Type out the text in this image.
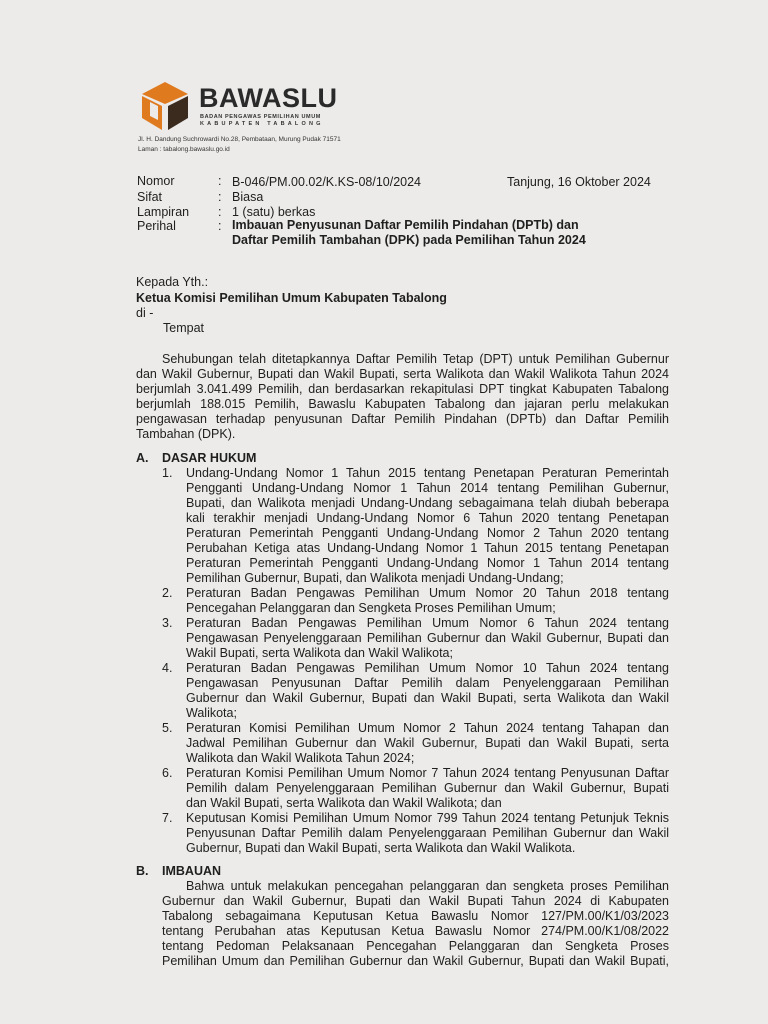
BAWASLU
BADAN PENGAWAS PEMILIHAN UMUM
KABUPATEN TABALONG
Jl. H. Dandung Suchrowardi No.28, Pembataan, Murung Pudak 71571
Laman : tabalong.bawaslu.go.id
Nomor	: B-046/PM.00.02/K.KS-08/10/2024	Tanjung, 16 Oktober 2024
Sifat	: Biasa
Lampiran : 1 (satu) berkas
Perihal	: Imbauan Penyusunan Daftar Pemilih Pindahan (DPTb) dan
Daftar Pemilih Tambahan (DPK) pada Pemilihan Tahun 2024
Kepada Yth.:
Ketua Komisi Pemilihan Umum Kabupaten Tabalong
di -
Tempat
Sehubungan telah ditetapkannya Daftar Pemilih Tetap (DPT) untuk Pemilihan Gubernur
dan Wakil Gubernur, Bupati dan Wakil Bupati, serta Walikota dan Wakil Walikota Tahun 2024
berjumlah 3.041.499 Pemilih, dan berdasarkan rekapitulasi DPT tingkat Kabupaten Tabalong
berjumlah 188.015 Pemilih, Bawaslu Kabupaten Tabalong dan jajaran perlu melakukan
pengawasan terhadap penyusunan Daftar Pemilih Pindahan (DPTb) dan Daftar Pemilih
Tambahan (DPK).
A. DASAR HUKUM
1. Undang-Undang Nomor 1 Tahun 2015 tentang Penetapan Peraturan Pemerintah
Pengganti Undang-Undang Nomor 1 Tahun 2014 tentang Pemilihan Gubernur,
Bupati, dan Walikota menjadi Undang-Undang sebagaimana telah diubah beberapa
kali terakhir menjadi Undang-Undang Nomor 6 Tahun 2020 tentang Penetapan
Peraturan Pemerintah Pengganti Undang-Undang Nomor 2 Tahun 2020 tentang
Perubahan Ketiga atas Undang-Undang Nomor 1 Tahun 2015 tentang Penetapan
Peraturan Pemerintah Pengganti Undang-Undang Nomor 1 Tahun 2014 tentang
Pemilihan Gubernur, Bupati, dan Walikota menjadi Undang-Undang;
2. Peraturan Badan Pengawas Pemilihan Umum Nomor 20 Tahun 2018 tentang
Pencegahan Pelanggaran dan Sengketa Proses Pemilihan Umum;
3. Peraturan Badan Pengawas Pemilihan Umum Nomor 6 Tahun 2024 tentang
Pengawasan Penyelenggaraan Pemilihan Gubernur dan Wakil Gubernur, Bupati dan
Wakil Bupati, serta Walikota dan Wakil Walikota;
4. Peraturan Badan Pengawas Pemilihan Umum Nomor 10 Tahun 2024 tentang
Pengawasan Penyusunan Daftar Pemilih dalam Penyelenggaraan Pemilihan
Gubernur dan Wakil Gubernur, Bupati dan Wakil Bupati, serta Walikota dan Wakil
Walikota;
5. Peraturan Komisi Pemilihan Umum Nomor 2 Tahun 2024 tentang Tahapan dan
Jadwal Pemilihan Gubernur dan Wakil Gubernur, Bupati dan Wakil Bupati, serta
Walikota dan Wakil Walikota Tahun 2024;
6. Peraturan Komisi Pemilihan Umum Nomor 7 Tahun 2024 tentang Penyusunan Daftar
Pemilih dalam Penyelenggaraan Pemilihan Gubernur dan Wakil Gubernur, Bupati
dan Wakil Bupati, serta Walikota dan Wakil Walikota; dan
7. Keputusan Komisi Pemilihan Umum Nomor 799 Tahun 2024 tentang Petunjuk Teknis
Penyusunan Daftar Pemilih dalam Penyelenggaraan Pemilihan Gubernur dan Wakil
Gubernur, Bupati dan Wakil Bupati, serta Walikota dan Wakil Walikota.
B. IMBAUAN
Bahwa untuk melakukan pencegahan pelanggaran dan sengketa proses Pemilihan
Gubernur dan Wakil Gubernur, Bupati dan Wakil Bupati Tahun 2024 di Kabupaten
Tabalong sebagaimana Keputusan Ketua Bawaslu Nomor 127/PM.00/K1/03/2023
tentang Perubahan atas Keputusan Ketua Bawaslu Nomor 274/PM.00/K1/08/2022
tentang Pedoman Pelaksanaan Pencegahan Pelanggaran dan Sengketa Proses
Pemilihan Umum dan Pemilihan Gubernur dan Wakil Gubernur, Bupati dan Wakil Bupati,
